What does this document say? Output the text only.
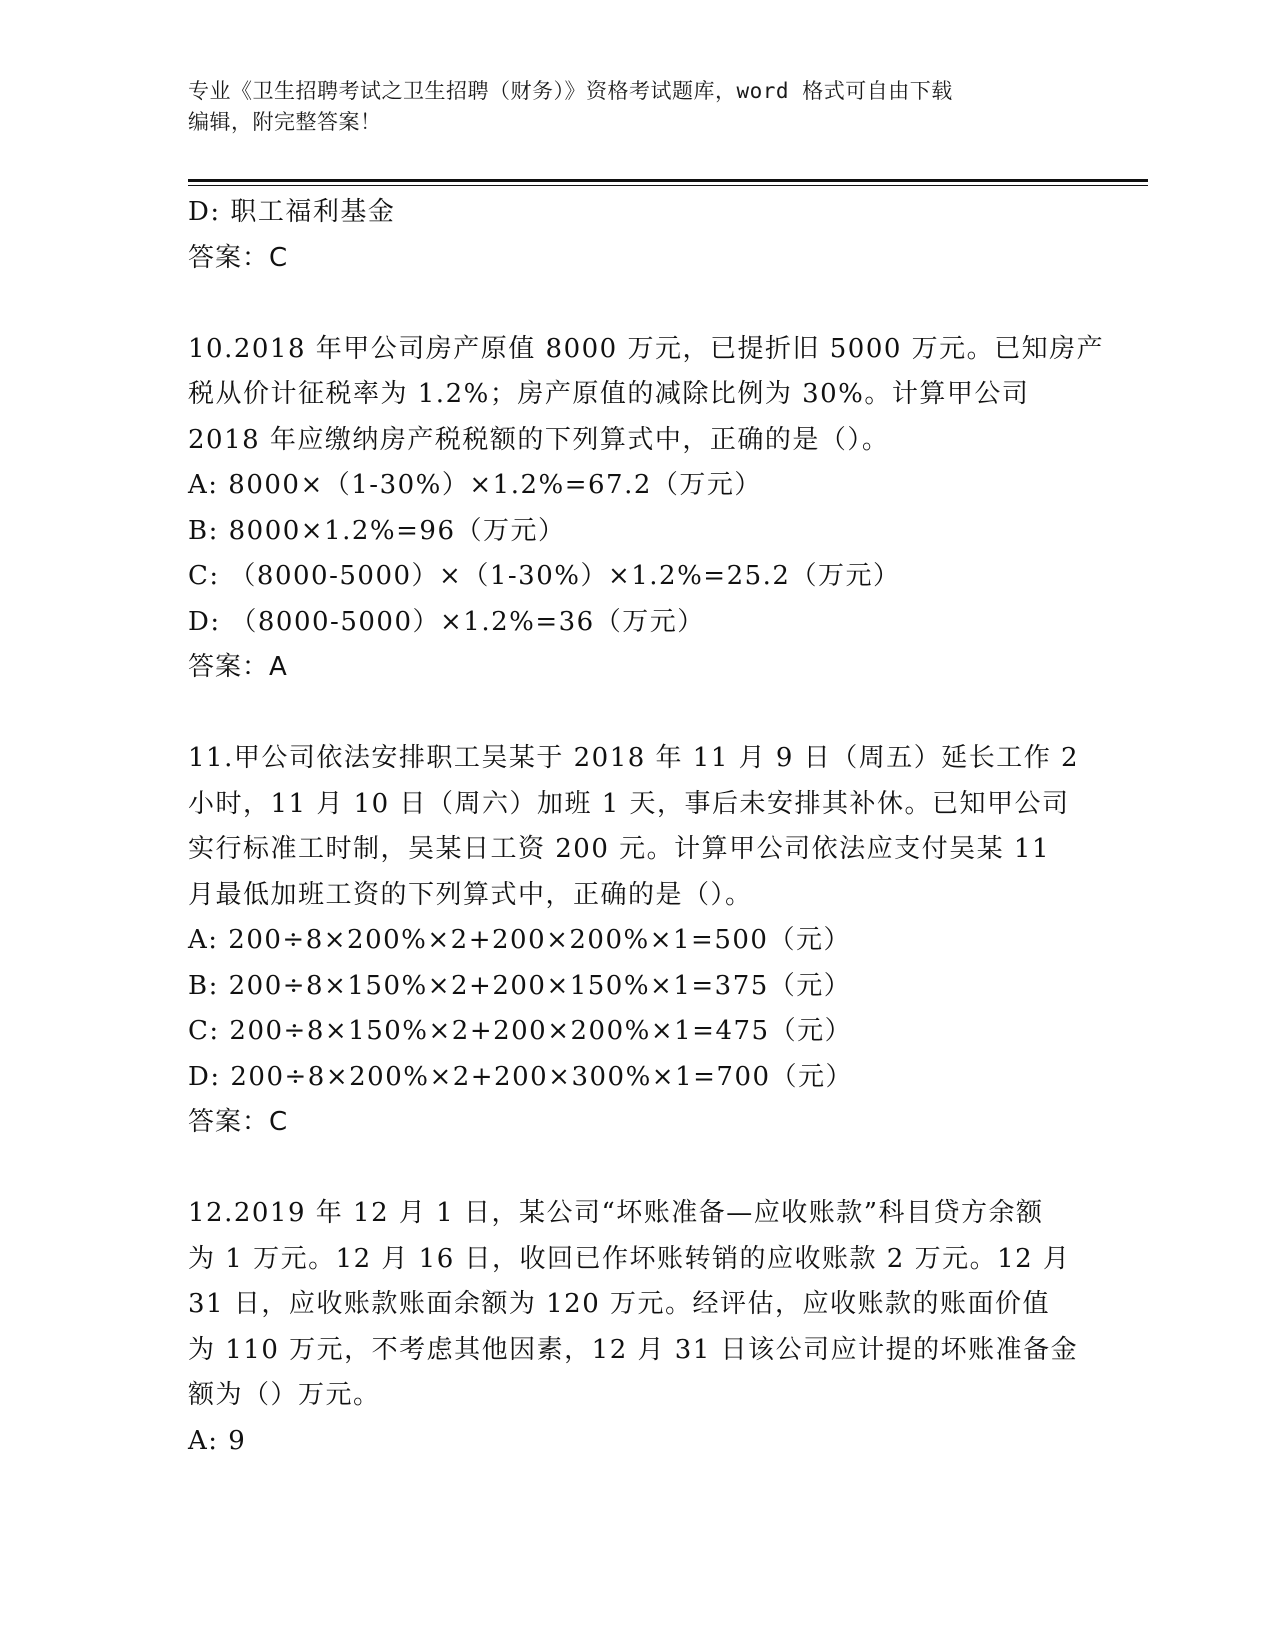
专业《卫生招聘考试之卫生招聘（财务）》资格考试题库，word 格式可自由下载
编辑，附完整答案！
D: 职工福利基金
答案：C
10.2018 年甲公司房产原值 8000 万元，已提折旧 5000 万元。已知房产
税从价计征税率为 1.2%；房产原值的减除比例为 30%。计算甲公司
2018 年应缴纳房产税税额的下列算式中，正确的是（）。
A: 8000×（1-30%）×1.2%=67.2（万元）
B: 8000×1.2%=96（万元）
C: （8000-5000）×（1-30%）×1.2%=25.2（万元）
D: （8000-5000）×1.2%=36（万元）
答案：A
11.甲公司依法安排职工吴某于 2018 年 11 月 9 日（周五）延长工作 2
小时，11 月 10 日（周六）加班 1 天，事后未安排其补休。已知甲公司
实行标准工时制，吴某日工资 200 元。计算甲公司依法应支付吴某 11
月最低加班工资的下列算式中，正确的是（）。
A: 200÷8×200%×2+200×200%×1=500（元）
B: 200÷8×150%×2+200×150%×1=375（元）
C: 200÷8×150%×2+200×200%×1=475（元）
D: 200÷8×200%×2+200×300%×1=700（元）
答案：C
12.2019 年 12 月 1 日，某公司“坏账准备—应收账款”科目贷方余额
为 1 万元。12 月 16 日，收回已作坏账转销的应收账款 2 万元。12 月
31 日，应收账款账面余额为 120 万元。经评估，应收账款的账面价值
为 110 万元，不考虑其他因素，12 月 31 日该公司应计提的坏账准备金
额为（）万元。
A: 9
